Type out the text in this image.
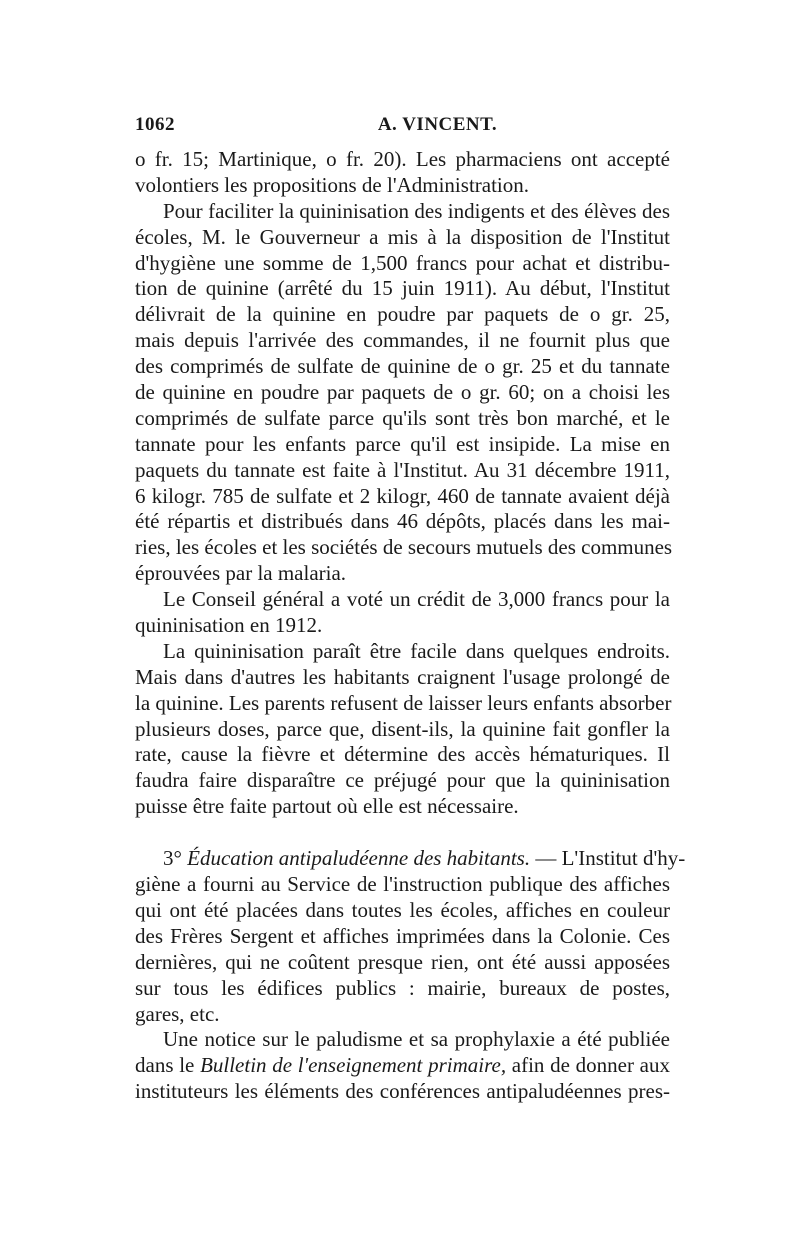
1062	A. VINCENT.
o fr. 15; Martinique, o fr. 20). Les pharmaciens ont accepté
volontiers les propositions de l'Administration.
Pour faciliter la quininisation des indigents et des élèves des
écoles, M. le Gouverneur a mis à la disposition de l'Institut
d'hygiène une somme de 1,500 francs pour achat et distribu-
tion de quinine (arrêté du 15 juin 1911). Au début, l'Institut
délivrait de la quinine en poudre par paquets de o gr. 25,
mais depuis l'arrivée des commandes, il ne fournit plus que
des comprimés de sulfate de quinine de o gr. 25 et du tannate
de quinine en poudre par paquets de o gr. 60; on a choisi les
comprimés de sulfate parce qu'ils sont très bon marché, et le
tannate pour les enfants parce qu'il est insipide. La mise en
paquets du tannate est faite à l'Institut. Au 31 décembre 1911,
6 kilogr. 785 de sulfate et 2 kilogr, 460 de tannate avaient déjà
été répartis et distribués dans 46 dépôts, placés dans les mai-
ries, les écoles et les sociétés de secours mutuels des communes
éprouvées par la malaria.
Le Conseil général a voté un crédit de 3,000 francs pour la
quininisation en 1912.
La quininisation paraît être facile dans quelques endroits.
Mais dans d'autres les habitants craignent l'usage prolongé de
la quinine. Les parents refusent de laisser leurs enfants absorber
plusieurs doses, parce que, disent-ils, la quinine fait gonfler la
rate, cause la fièvre et détermine des accès hématuriques. Il
faudra faire disparaître ce préjugé pour que la quininisation
puisse être faite partout où elle est nécessaire.
3° Éducation antipaludéenne des habitants. — L'Institut d'hy-
giène a fourni au Service de l'instruction publique des affiches
qui ont été placées dans toutes les écoles, affiches en couleur
des Frères Sergent et affiches imprimées dans la Colonie. Ces
dernières, qui ne coûtent presque rien, ont été aussi apposées
sur tous les édifices publics : mairie, bureaux de postes,
gares, etc.
Une notice sur le paludisme et sa prophylaxie a été publiée
dans le Bulletin de l'enseignement primaire, afin de donner aux
instituteurs les éléments des conférences antipaludéennes pres-
